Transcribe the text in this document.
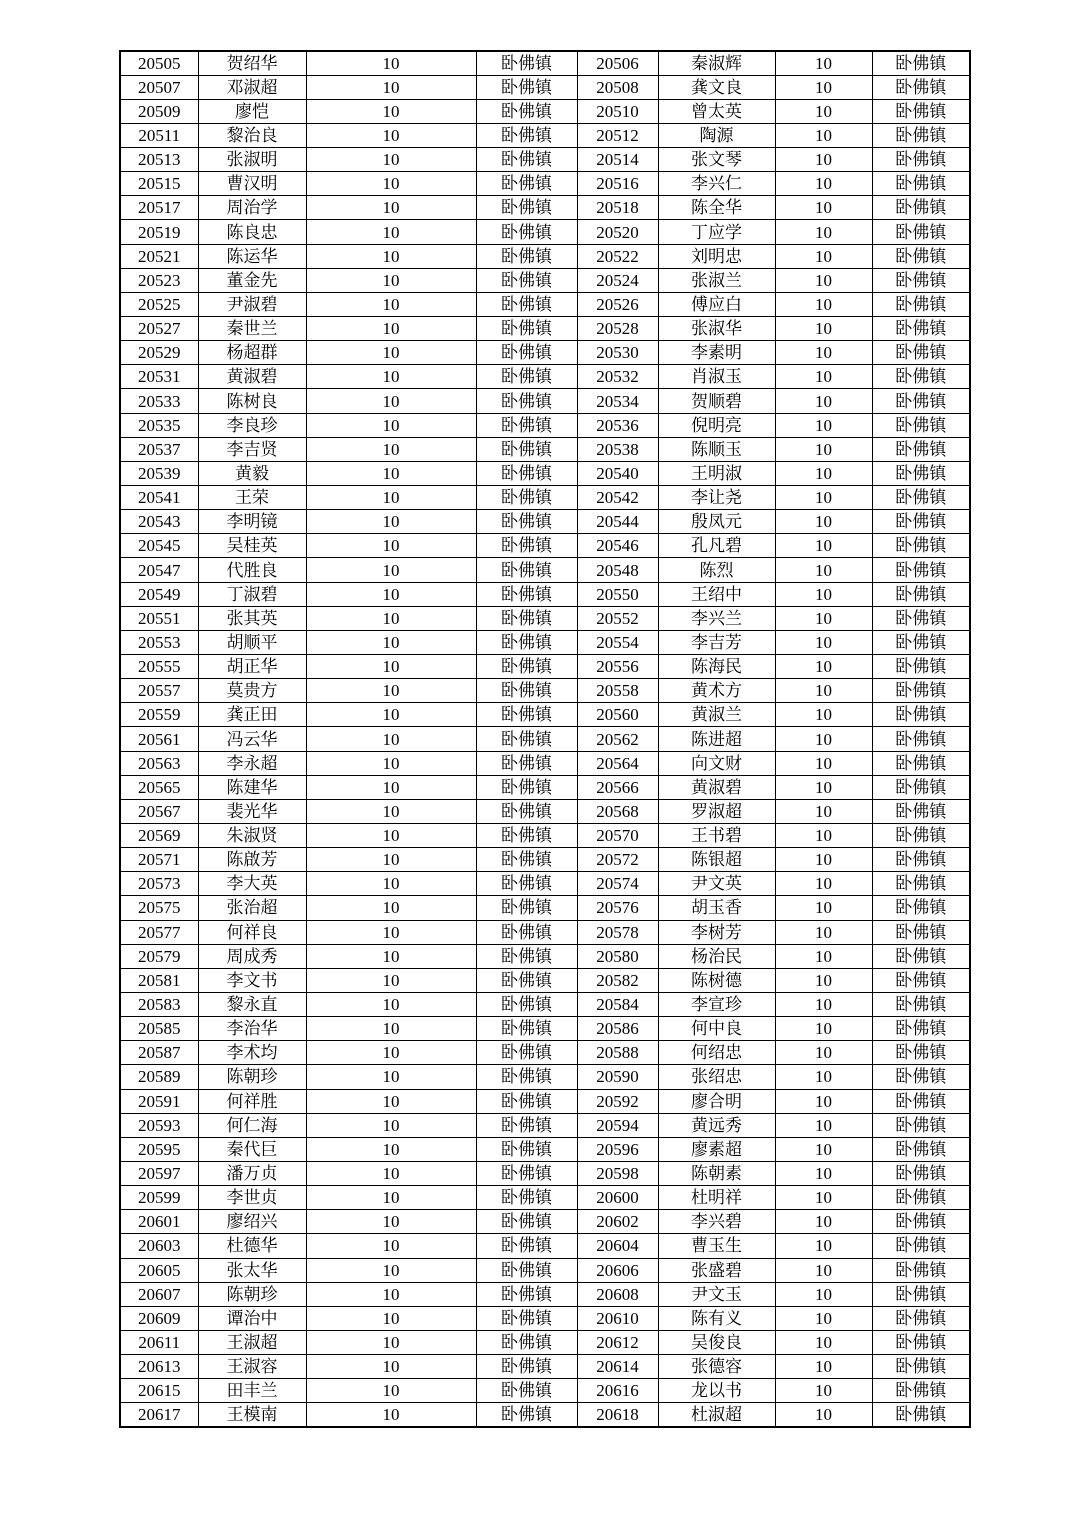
20505	贺绍华	10	卧佛镇	20506	秦淑辉	10	卧佛镇
20507	邓淑超	10	卧佛镇	20508	龚文良	10	卧佛镇
20509	廖恺	10	卧佛镇	20510	曾太英	10	卧佛镇
20511	黎治良	10	卧佛镇	20512	陶源	10	卧佛镇
20513	张淑明	10	卧佛镇	20514	张文琴	10	卧佛镇
20515	曹汉明	10	卧佛镇	20516	李兴仁	10	卧佛镇
20517	周治学	10	卧佛镇	20518	陈全华	10	卧佛镇
20519	陈良忠	10	卧佛镇	20520	丁应学	10	卧佛镇
20521	陈运华	10	卧佛镇	20522	刘明忠	10	卧佛镇
20523	董金先	10	卧佛镇	20524	张淑兰	10	卧佛镇
20525	尹淑碧	10	卧佛镇	20526	傅应白	10	卧佛镇
20527	秦世兰	10	卧佛镇	20528	张淑华	10	卧佛镇
20529	杨超群	10	卧佛镇	20530	李素明	10	卧佛镇
20531	黄淑碧	10	卧佛镇	20532	肖淑玉	10	卧佛镇
20533	陈树良	10	卧佛镇	20534	贺顺碧	10	卧佛镇
20535	李良珍	10	卧佛镇	20536	倪明亮	10	卧佛镇
20537	李吉贤	10	卧佛镇	20538	陈顺玉	10	卧佛镇
20539	黄毅	10	卧佛镇	20540	王明淑	10	卧佛镇
20541	王荣	10	卧佛镇	20542	李让尧	10	卧佛镇
20543	李明镜	10	卧佛镇	20544	殷凤元	10	卧佛镇
20545	吴桂英	10	卧佛镇	20546	孔凡碧	10	卧佛镇
20547	代胜良	10	卧佛镇	20548	陈烈	10	卧佛镇
20549	丁淑碧	10	卧佛镇	20550	王绍中	10	卧佛镇
20551	张其英	10	卧佛镇	20552	李兴兰	10	卧佛镇
20553	胡顺平	10	卧佛镇	20554	李吉芳	10	卧佛镇
20555	胡正华	10	卧佛镇	20556	陈海民	10	卧佛镇
20557	莫贵方	10	卧佛镇	20558	黄术方	10	卧佛镇
20559	龚正田	10	卧佛镇	20560	黄淑兰	10	卧佛镇
20561	冯云华	10	卧佛镇	20562	陈进超	10	卧佛镇
20563	李永超	10	卧佛镇	20564	向文财	10	卧佛镇
20565	陈建华	10	卧佛镇	20566	黄淑碧	10	卧佛镇
20567	裴光华	10	卧佛镇	20568	罗淑超	10	卧佛镇
20569	朱淑贤	10	卧佛镇	20570	王书碧	10	卧佛镇
20571	陈啟芳	10	卧佛镇	20572	陈银超	10	卧佛镇
20573	李大英	10	卧佛镇	20574	尹文英	10	卧佛镇
20575	张治超	10	卧佛镇	20576	胡玉香	10	卧佛镇
20577	何祥良	10	卧佛镇	20578	李树芳	10	卧佛镇
20579	周成秀	10	卧佛镇	20580	杨治民	10	卧佛镇
20581	李文书	10	卧佛镇	20582	陈树德	10	卧佛镇
20583	黎永直	10	卧佛镇	20584	李宣珍	10	卧佛镇
20585	李治华	10	卧佛镇	20586	何中良	10	卧佛镇
20587	李术均	10	卧佛镇	20588	何绍忠	10	卧佛镇
20589	陈朝珍	10	卧佛镇	20590	张绍忠	10	卧佛镇
20591	何祥胜	10	卧佛镇	20592	廖合明	10	卧佛镇
20593	何仁海	10	卧佛镇	20594	黄远秀	10	卧佛镇
20595	秦代巨	10	卧佛镇	20596	廖素超	10	卧佛镇
20597	潘万贞	10	卧佛镇	20598	陈朝素	10	卧佛镇
20599	李世贞	10	卧佛镇	20600	杜明祥	10	卧佛镇
20601	廖绍兴	10	卧佛镇	20602	李兴碧	10	卧佛镇
20603	杜德华	10	卧佛镇	20604	曹玉生	10	卧佛镇
20605	张太华	10	卧佛镇	20606	张盛碧	10	卧佛镇
20607	陈朝珍	10	卧佛镇	20608	尹文玉	10	卧佛镇
20609	谭治中	10	卧佛镇	20610	陈有义	10	卧佛镇
20611	王淑超	10	卧佛镇	20612	吴俊良	10	卧佛镇
20613	王淑容	10	卧佛镇	20614	张德容	10	卧佛镇
20615	田丰兰	10	卧佛镇	20616	龙以书	10	卧佛镇
20617	王模南	10	卧佛镇	20618	杜淑超	10	卧佛镇
